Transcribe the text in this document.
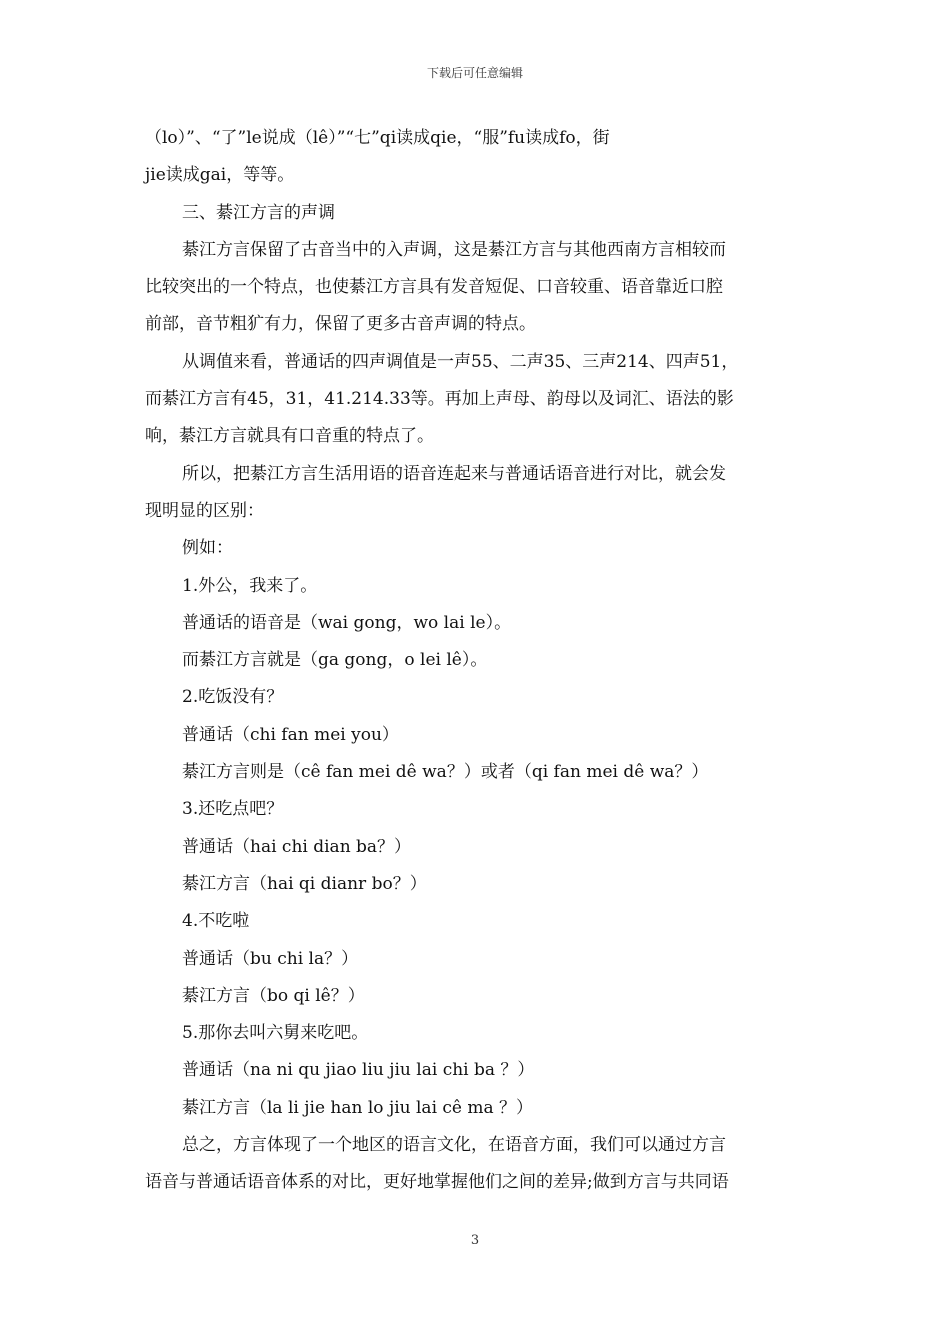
下载后可任意编辑

（lo）”、“了”le说成（lê）”“七”qi读成qie，“服”fu读成fo，街

jie读成gai，等等。

三、綦江方言的声调

綦江方言保留了古音当中的入声调，这是綦江方言与其他西南方言相较而

比较突出的一个特点，也使綦江方言具有发音短促、口音较重、语音靠近口腔

前部，音节粗犷有力，保留了更多古音声调的特点。

从调值来看，普通话的四声调值是一声55、二声35、三声214、四声51，

而綦江方言有45，31，41.214.33等。再加上声母、韵母以及词汇、语法的影

响，綦江方言就具有口音重的特点了。

所以，把綦江方言生活用语的语音连起来与普通话语音进行对比，就会发

现明显的区别：

例如：

1.外公，我来了。

普通话的语音是（wai gong，wo lai le）。

而綦江方言就是（ga gong，o lei lê）。

2.吃饭没有？

普通话（chi fan mei you）

綦江方言则是（cê fan mei dê wa？）或者（qi fan mei dê wa？）

3.还吃点吧？

普通话（hai chi dian ba？）

綦江方言（hai qi dianr bo？）

4.不吃啦

普通话（bu chi la？）

綦江方言（bo qi lê？）

5.那你去叫六舅来吃吧。

普通话（na ni qu jiao liu jiu lai chi ba ？）

綦江方言（la li jie han lo jiu lai cê ma ？）

总之，方言体现了一个地区的语言文化，在语音方面，我们可以通过方言

语音与普通话语音体系的对比，更好地掌握他们之间的差异;做到方言与共同语

3
